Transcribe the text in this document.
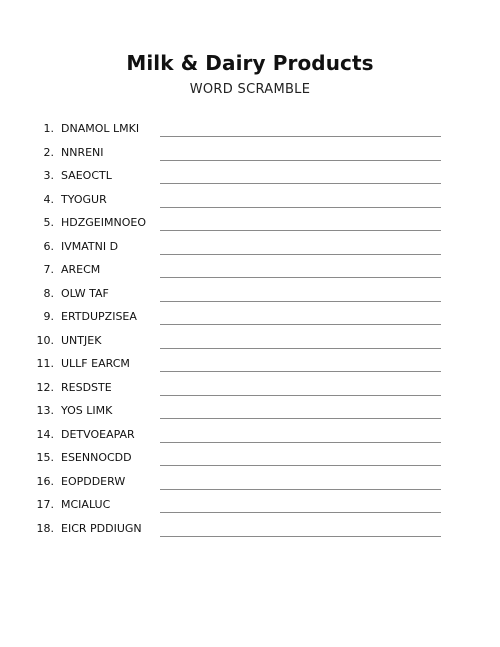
Milk & Dairy Products
WORD SCRAMBLE
1. DNAMOL LMKI
2. NNRENI
3. SAEOCTL
4. TYOGUR
5. HDZGEIMNOEO
6. IVMATNI D
7. ARECM
8. OLW TAF
9. ERTDUPZISEA
10. UNTJEK
11. ULLF EARCM
12. RESDSTE
13. YOS LIMK
14. DETVOEAPAR
15. ESENNOCDD
16. EOPDDERW
17. MCIALUC
18. EICR PDDIUGN
